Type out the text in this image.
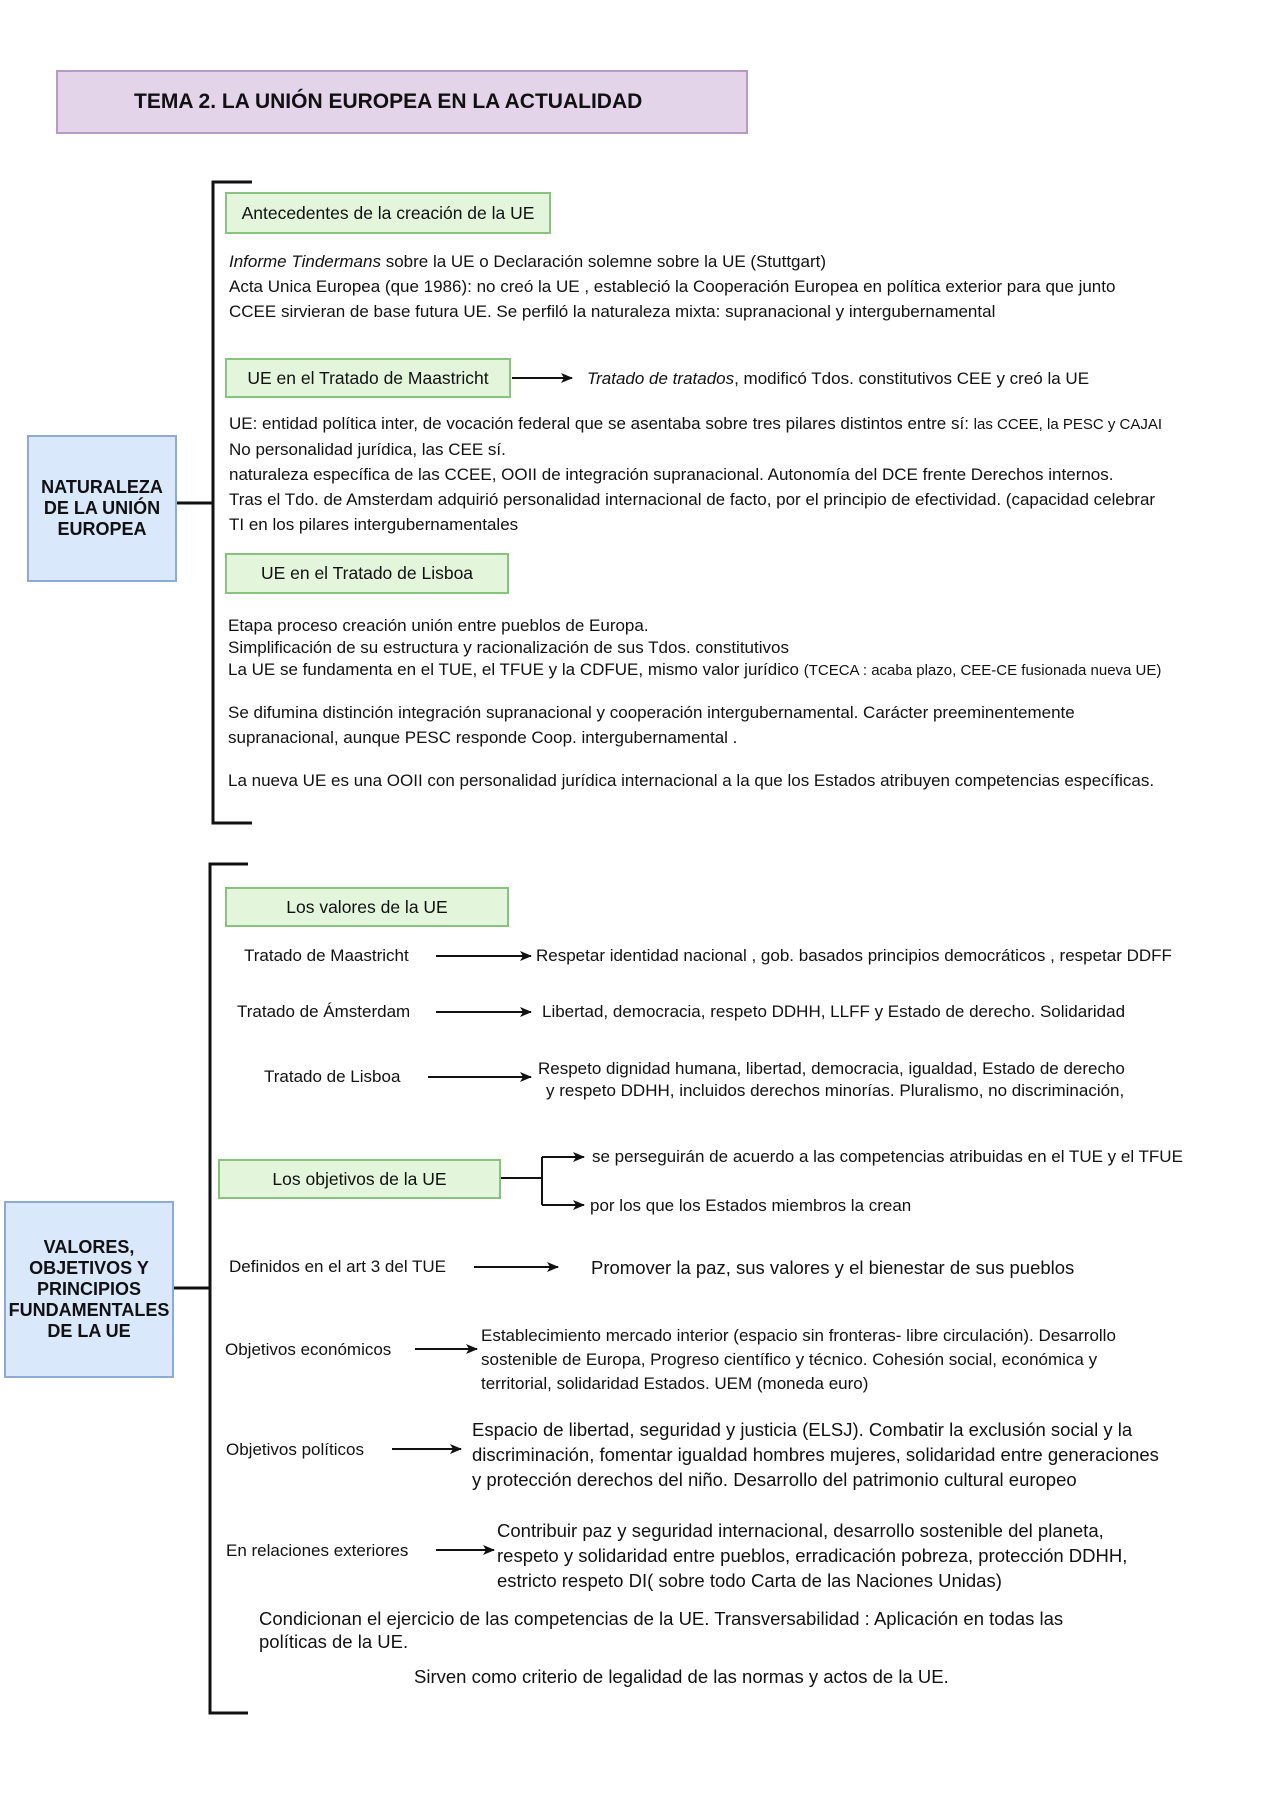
TEMA 2. LA UNIÓN EUROPEA EN LA ACTUALIDAD
NATURALEZA
DE LA UNIÓN
EUROPEA
Antecedentes de la creación de la UE
Informe Tindermans sobre la UE o Declaración solemne sobre la UE (Stuttgart)
Acta Unica Europea (que 1986): no creó la UE , estableció la Cooperación Europea en política exterior para que junto
CCEE sirvieran de base futura UE. Se perfiló la naturaleza mixta: supranacional y intergubernamental
UE en el Tratado de Maastricht	Tratado de tratados, modificó Tdos. constitutivos CEE y creó la UE
UE: entidad política inter, de vocación federal que se asentaba sobre tres pilares distintos entre sí: las CCEE, la PESC y CAJAI
No personalidad jurídica, las CEE sí.
naturaleza específica de las CCEE, OOII de integración supranacional. Autonomía del DCE frente Derechos internos.
Tras el Tdo. de Amsterdam adquirió personalidad internacional de facto, por el principio de efectividad. (capacidad celebrar
TI en los pilares intergubernamentales
UE en el Tratado de Lisboa
Etapa proceso creación unión entre pueblos de Europa.
Simplificación de su estructura y racionalización de sus Tdos. constitutivos
La UE se fundamenta en el TUE, el TFUE y la CDFUE, mismo valor jurídico (TCECA : acaba plazo, CEE-CE fusionada nueva UE)
Se difumina distinción integración supranacional y cooperación intergubernamental. Carácter preeminentemente
supranacional, aunque PESC responde Coop. intergubernamental .
La nueva UE es una OOII con personalidad jurídica internacional a la que los Estados atribuyen competencias específicas.
VALORES,
OBJETIVOS Y
PRINCIPIOS
FUNDAMENTALES
DE LA UE
Los valores de la UE
Tratado de Maastricht	Respetar identidad nacional , gob. basados principios democráticos , respetar DDFF
Tratado de Ámsterdam	Libertad, democracia, respeto DDHH, LLFF y Estado de derecho. Solidaridad
Tratado de Lisboa	Respeto dignidad humana, libertad, democracia, igualdad, Estado de derecho
y respeto DDHH, incluidos derechos minorías. Pluralismo, no discriminación,
Los objetivos de la UE
se perseguirán de acuerdo a las competencias atribuidas en el TUE y el TFUE
por los que los Estados miembros la crean
Definidos en el art 3 del TUE	Promover la paz, sus valores y el bienestar de sus pueblos
Objetivos económicos
Establecimiento mercado interior (espacio sin fronteras- libre circulación). Desarrollo
sostenible de Europa, Progreso científico y técnico. Cohesión social, económica y
territorial, solidaridad Estados. UEM (moneda euro)
Objetivos políticos
Espacio de libertad, seguridad y justicia (ELSJ). Combatir la exclusión social y la
discriminación, fomentar igualdad hombres mujeres, solidaridad entre generaciones
y protección derechos del niño. Desarrollo del patrimonio cultural europeo
En relaciones exteriores
Contribuir paz y seguridad internacional, desarrollo sostenible del planeta,
respeto y solidaridad entre pueblos, erradicación pobreza, protección DDHH,
estricto respeto DI( sobre todo Carta de las Naciones Unidas)
Condicionan el ejercicio de las competencias de la UE. Transversabilidad : Aplicación en todas las
políticas de la UE.
Sirven como criterio de legalidad de las normas y actos de la UE.
